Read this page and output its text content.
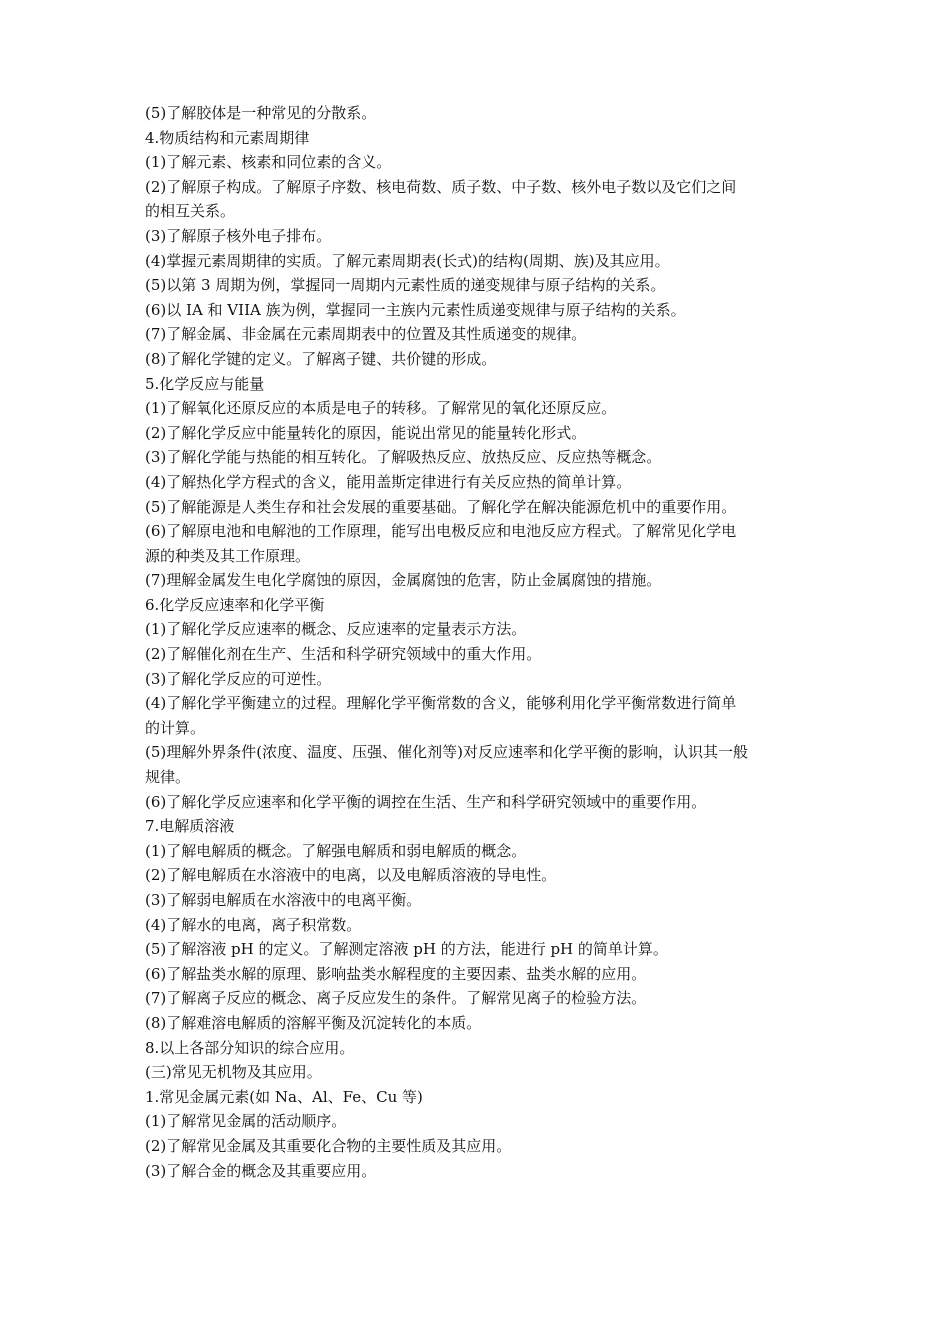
(5)了解胶体是一种常见的分散系。
4.物质结构和元素周期律
(1)了解元素、核素和同位素的含义。
(2)了解原子构成。了解原子序数、核电荷数、质子数、中子数、核外电子数以及它们之间
的相互关系。
(3)了解原子核外电子排布。
(4)掌握元素周期律的实质。了解元素周期表(长式)的结构(周期、族)及其应用。
(5)以第 3 周期为例，掌握同一周期内元素性质的递变规律与原子结构的关系。
(6)以 IA 和 VIIA 族为例，掌握同一主族内元素性质递变规律与原子结构的关系。
(7)了解金属、非金属在元素周期表中的位置及其性质递变的规律。
(8)了解化学键的定义。了解离子键、共价键的形成。
5.化学反应与能量
(1)了解氧化还原反应的本质是电子的转移。了解常见的氧化还原反应。
(2)了解化学反应中能量转化的原因，能说出常见的能量转化形式。
(3)了解化学能与热能的相互转化。了解吸热反应、放热反应、反应热等概念。
(4)了解热化学方程式的含义，能用盖斯定律进行有关反应热的简单计算。
(5)了解能源是人类生存和社会发展的重要基础。了解化学在解决能源危机中的重要作用。
(6)了解原电池和电解池的工作原理，能写出电极反应和电池反应方程式。了解常见化学电
源的种类及其工作原理。
(7)理解金属发生电化学腐蚀的原因，金属腐蚀的危害，防止金属腐蚀的措施。
6.化学反应速率和化学平衡
(1)了解化学反应速率的概念、反应速率的定量表示方法。
(2)了解催化剂在生产、生活和科学研究领域中的重大作用。
(3)了解化学反应的可逆性。
(4)了解化学平衡建立的过程。理解化学平衡常数的含义，能够利用化学平衡常数进行简单
的计算。
(5)理解外界条件(浓度、温度、压强、催化剂等)对反应速率和化学平衡的影响，认识其一般
规律。
(6)了解化学反应速率和化学平衡的调控在生活、生产和科学研究领域中的重要作用。
7.电解质溶液
(1)了解电解质的概念。了解强电解质和弱电解质的概念。
(2)了解电解质在水溶液中的电离，以及电解质溶液的导电性。
(3)了解弱电解质在水溶液中的电离平衡。
(4)了解水的电离，离子积常数。
(5)了解溶液 pH 的定义。了解测定溶液 pH 的方法，能进行 pH 的简单计算。
(6)了解盐类水解的原理、影响盐类水解程度的主要因素、盐类水解的应用。
(7)了解离子反应的概念、离子反应发生的条件。了解常见离子的检验方法。
(8)了解难溶电解质的溶解平衡及沉淀转化的本质。
8.以上各部分知识的综合应用。
(三)常见无机物及其应用。
1.常见金属元素(如 Na、Al、Fe、Cu 等)
(1)了解常见金属的活动顺序。
(2)了解常见金属及其重要化合物的主要性质及其应用。
(3)了解合金的概念及其重要应用。
